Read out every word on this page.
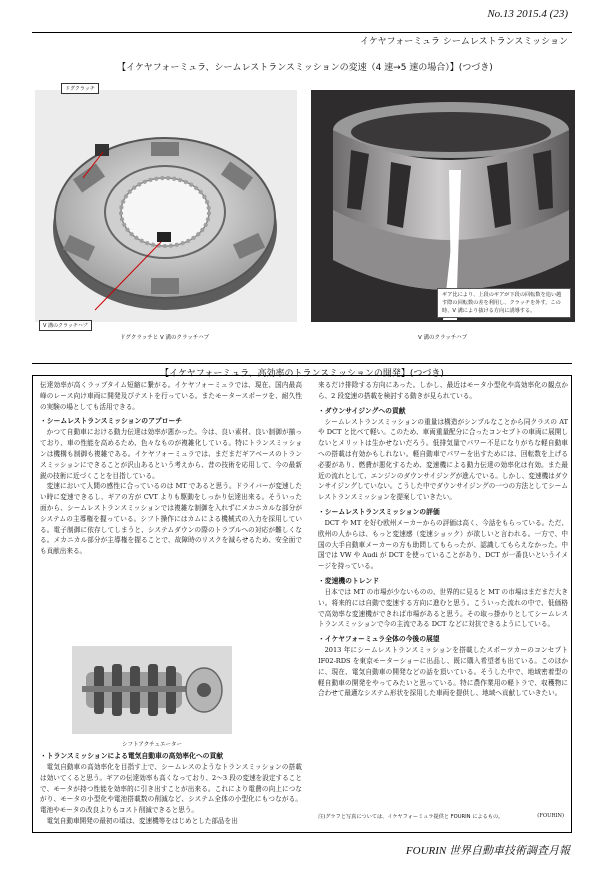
No.13 2015.4 (23)
イケヤフォーミュラ シームレストランスミッション
【イケヤフォーミュラ、シームレストランスミッションの変速（4 速→5 速の場合）】(つづき)
ドグクラッチ
V 溝のクラッチハブ
ギア比により、上段のギアが下段の回転数を追い越す際の回転数の差を利用し、クラッチを外す。この時、V 溝により抜ける方向に誘導する。
ドグクラッチと V 溝のクラッチハブ	V 溝のクラッチハブ
【イケヤフォーミュラ、高効率のトランスミッションの開発】(つづき)

伝達効率が高くラップタイム短縮に繋がる。イケヤフォーミュラでは、現在、国内最高峰のレース向け車両に開発及びテストを行っている。またモータースポーツを、耐久性の実験の場としても活用できる。

・シームレストランスミッションのアプローチ

かつて自動車における動力伝達は効率が悪かった。今は、良い素材、良い制御が揃っており、車の性能を高めるため、色々なものが複雑化している。特にトランスミッションは機構も制御も複雑である。イケヤフォーミュラでは、まだまだギアベースのトランスミッションにできることが沢山あるという考えから、昔の技術を応用して、今の最新鋭の技術に近づくことを目指している。

変速において人間の感性に合っているのは MT であると思う。ドライバーが変速したい時に変速できるし、ギアの方が CVT よりも駆動をしっかり伝達出来る。そういった面から、シームレストランスミッションでは複雑な制御を入れずにメカニカルな部分がシステムの主導権を握っている。シフト操作にはカムによる機械式の入力を採用している。電子制御に依存してしまうと、システムダウンの際のトラブルへの対応が難しくなる。メカニカル部分が主導権を握ることで、故障時のリスクを減らせるため、安全面でも貢献出来る。

シフトアクチュエーター
・トランスミッションによる電気自動車の高効率化への貢献

電気自動車の高効率化を目指す上で、シームレスのようなトランスミッションの搭載は効いてくると思う。ギアの伝達効率も高くなっており、2～3 段の変速を設定することで、モータが持つ性能を効率的に引き出すことが出来る。これにより電費の向上につながり、モータの小型化や電池搭載数の削減など、システム全体の小型化にもつながる。電池やモータの改良よりもコスト削減できると思う。

電気自動車開発の最初の頃は、変速機等をはじめとした部品を出

来るだけ排除する方向にあった。しかし、最近はモータ小型化や高効率化の観点から、2 段変速の搭載を検討する動きが見られている。

・ダウンサイジングへの貢献

シームレストランスミッションの重量は構造がシンプルなことから同クラスの AT や DCT と比べて軽い。このため、車両重量配分に合ったコンセプトの車両に展開しないとメリットは生かせないだろう。低排気量でパワー不足になりがちな軽自動車への搭載は有効かもしれない。軽自動車でパワーを出すためには、回転数を上げる必要があり、燃費が悪化するため、変速機による動力伝達の効率化は有効。また最近の流れとして、エンジンのダウンサイジングが進んでいる。しかし、変速機はダウンサイジングしていない。こうした中でダウンサイジングの一つの方法としてシームレストランスミッションを提案していきたい。

・シームレストランスミッションの評価

DCT や MT を好む欧州メーカーからの評価は高く、今話をもらっている。ただ、欧州の人からは、もっと変速感（変速ショック）が欲しいと言われる。一方で、中国の大手自動車メーカーの方も助問してもらったが、認識してもらえなかった。中国では VW や Audi が DCT を使っていることがあり、DCT が一番良いというイメージを持っている。

・変速機のトレンド

日本では MT の市場が少ないものの、世界的に見ると MT の市場はまだまだ大きい。将来的には自動で変速する方向に進むと思う。こういった流れの中で、低価格で高効率な変速機ができれば市場があると思う。その取っ掛かりとしてシームレストランスミッションで今の主流である DCT などに対抗できるようにしている。

・イケヤフォーミュラ全体の今後の展望

2013 年にシームレストランスミッションを搭載したスポーツカーのコンセプト IF02-RDS を東京モーターショーに出品し、既に購入希望者も出ている。このほかに、現在、電気自動車の開発などの話を頂いている。そうした中で、地域密着型の軽自動車の開発をやってみたいと思っている。特に農作業用の軽トラで、収穫物に合わせて最適なシステム形状を採用した車両を提供し、地域へ貢献していきたい。

注)グラフと写真については、イケヤフォーミュラ提供と FOURIN によるもの。	(FOURIN)
FOURIN 世界自動車技術調査月報
